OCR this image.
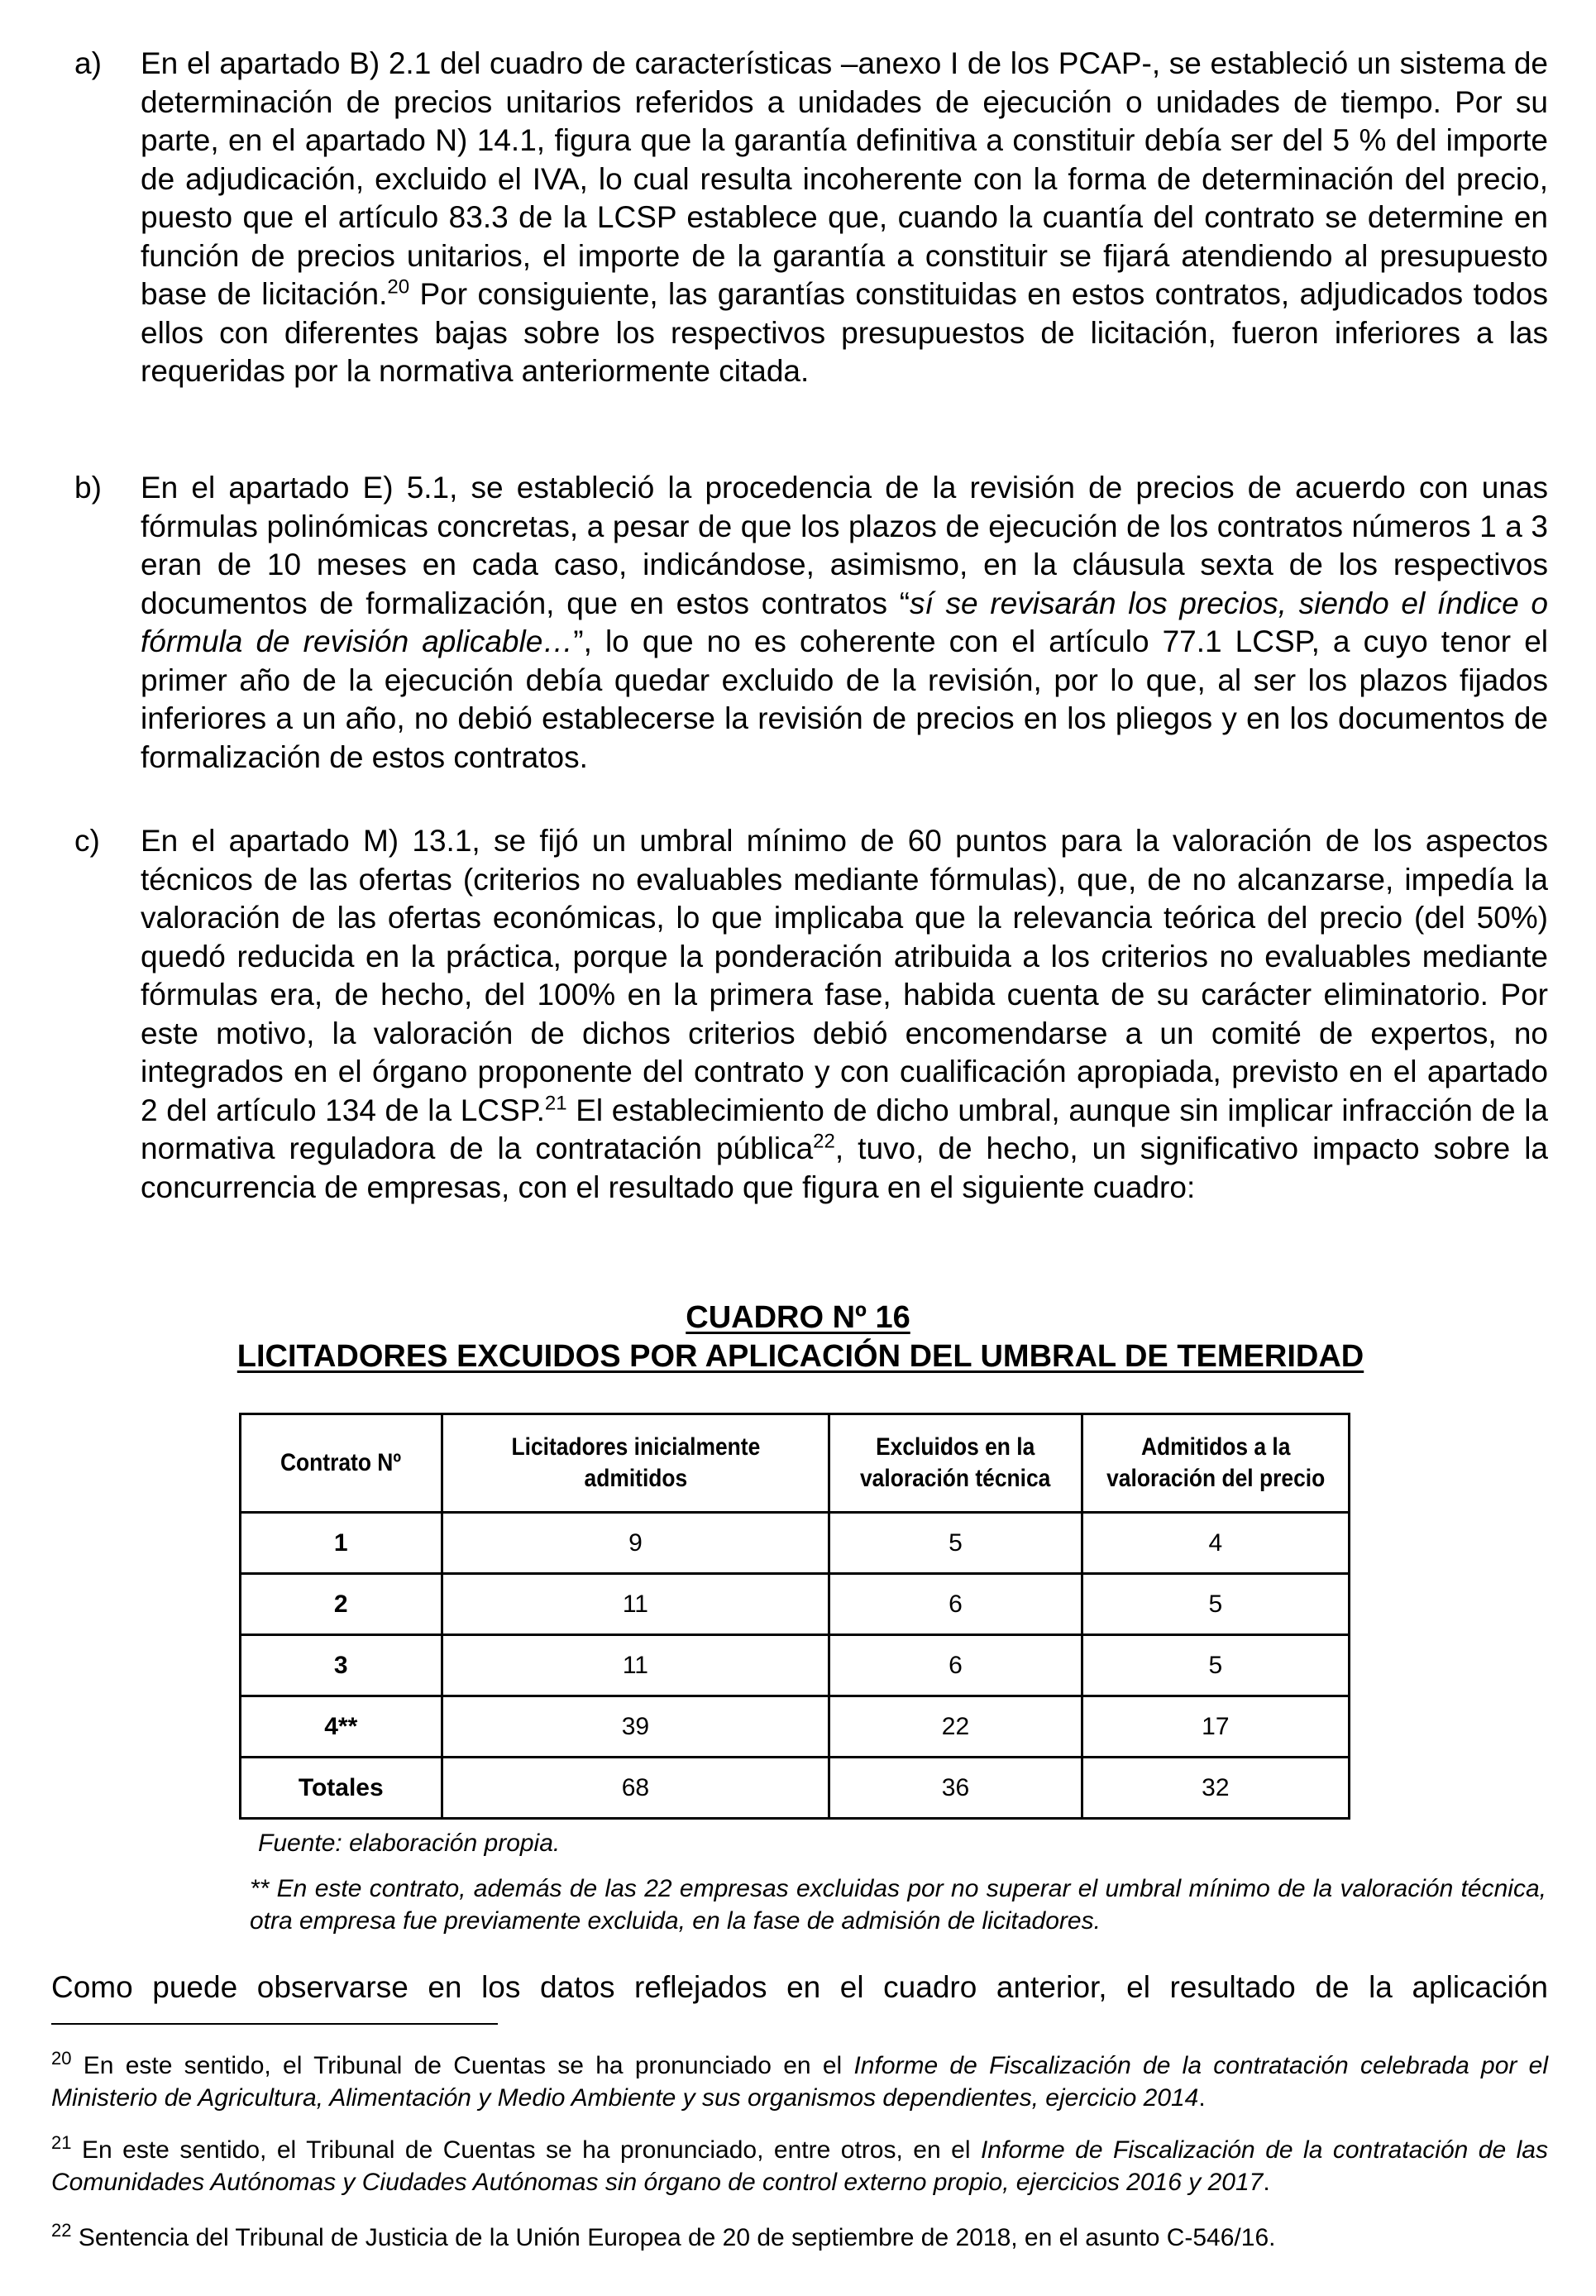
a) En el apartado B) 2.1 del cuadro de características –anexo I de los PCAP-, se estableció un sistema de determinación de precios unitarios referidos a unidades de ejecución o unidades de tiempo. Por su parte, en el apartado N) 14.1, figura que la garantía definitiva a constituir debía ser del 5 % del importe de adjudicación, excluido el IVA, lo cual resulta incoherente con la forma de determinación del precio, puesto que el artículo 83.3 de la LCSP establece que, cuando la cuantía del contrato se determine en función de precios unitarios, el importe de la garantía a constituir se fijará atendiendo al presupuesto base de licitación.$^{20}$ Por consiguiente, las garantías constituidas en estos contratos, adjudicados todos ellos con diferentes bajas sobre los respectivos presupuestos de licitación, fueron inferiores a las requeridas por la normativa anteriormente citada.
b) En el apartado E) 5.1, se estableció la procedencia de la revisión de precios de acuerdo con unas fórmulas polinómicas concretas, a pesar de que los plazos de ejecución de los contratos números 1 a 3 eran de 10 meses en cada caso, indicándose, asimismo, en la cláusula sexta de los respectivos documentos de formalización, que en estos contratos “sí se revisarán los precios, siendo el índice o fórmula de revisión aplicable…”, lo que no es coherente con el artículo 77.1 LCSP, a cuyo tenor el primer año de la ejecución debía quedar excluido de la revisión, por lo que, al ser los plazos fijados inferiores a un año, no debió establecerse la revisión de precios en los pliegos y en los documentos de formalización de estos contratos.
c) En el apartado M) 13.1, se fijó un umbral mínimo de 60 puntos para la valoración de los aspectos técnicos de las ofertas (criterios no evaluables mediante fórmulas), que, de no alcanzarse, impedía la valoración de las ofertas económicas, lo que implicaba que la relevancia teórica del precio (del 50%) quedó reducida en la práctica, porque la ponderación atribuida a los criterios no evaluables mediante fórmulas era, de hecho, del 100% en la primera fase, habida cuenta de su carácter eliminatorio. Por este motivo, la valoración de dichos criterios debió encomendarse a un comité de expertos, no integrados en el órgano proponente del contrato y con cualificación apropiada, previsto en el apartado 2 del artículo 134 de la LCSP.$^{21}$ El establecimiento de dicho umbral, aunque sin implicar infracción de la normativa reguladora de la contratación pública$^{22}$, tuvo, de hecho, un significativo impacto sobre la concurrencia de empresas, con el resultado que figura en el siguiente cuadro:
CUADRO Nº 16
LICITADORES EXCUIDOS POR APLICACIÓN DEL UMBRAL DE TEMERIDAD
Contrato Nº	Licitadores inicialmente admitidos	Excluidos en la valoración técnica	Admitidos a la valoración del precio
1	9	5	4
2	11	6	5
3	11	6	5
4**	39	22	17
Totales	68	36	32
Fuente: elaboración propia.
** En este contrato, además de las 22 empresas excluidas por no superar el umbral mínimo de la valoración técnica, otra empresa fue previamente excluida, en la fase de admisión de licitadores.
Como puede observarse en los datos reflejados en el cuadro anterior, el resultado de la aplicación
$^{20}$ En este sentido, el Tribunal de Cuentas se ha pronunciado en el Informe de Fiscalización de la contratación celebrada por el Ministerio de Agricultura, Alimentación y Medio Ambiente y sus organismos dependientes, ejercicio 2014.
$^{21}$ En este sentido, el Tribunal de Cuentas se ha pronunciado, entre otros, en el Informe de Fiscalización de la contratación de las Comunidades Autónomas y Ciudades Autónomas sin órgano de control externo propio, ejercicios 2016 y 2017.
$^{22}$ Sentencia del Tribunal de Justicia de la Unión Europea de 20 de septiembre de 2018, en el asunto C-546/16.
